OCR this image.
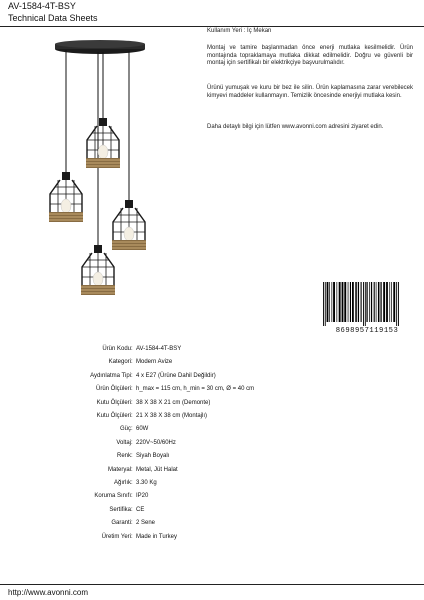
AV-1584-4T-BSY
Technical Data Sheets
Kullanım Yeri : İç Mekan

Montaj ve tamire başlanmadan önce enerji mutlaka kesilmelidir. Ürün montajında topraklamaya mutlaka dikkat edilmelidir. Doğru ve güvenli bir montaj için sertifikalı bir elektrikçiye başvurulmalıdır.

Ürünü yumuşak ve kuru bir bez ile silin. Ürün kaplamasına zarar verebilecek kimyevi maddeler kullanmayın. Temizlik öncesinde enerjiyi mutlaka kesin.

Daha detaylı bilgi için lütfen www.avonni.com adresini ziyaret edin.

8698957119153
Ürün Kodu : AV-1584-4T-BSY
Kategori : Modern Avize
Aydınlatma Tipi : 4 x E27 (Ürüne Dahil Değildir)
Ürün Ölçüleri : h_max = 115 cm, h_min = 30 cm, Ø = 40 cm
Kutu Ölçüleri : 38 X 38 X 21 cm (Demonte)
Kutu Ölçüleri : 21 X 38 X 38 cm (Montajlı)
Güç : 60W
Voltaj : 220V~50/60Hz
Renk : Siyah Boyalı
Materyal : Metal, Jüt Halat
Ağırlık : 3.30 Kg
Koruma Sınıfı : IP20
Sertifika : CE
Garanti : 2 Sene
Üretim Yeri : Made in Turkey
http://www.avonni.com
